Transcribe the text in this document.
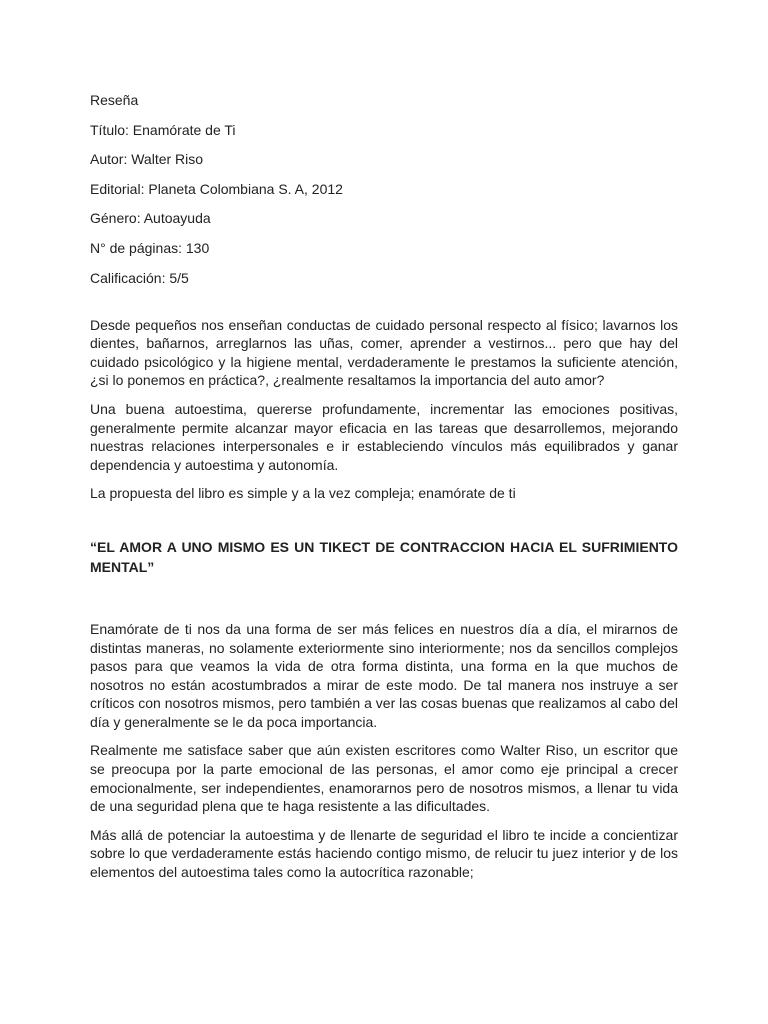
Reseña
Título: Enamórate de Ti
Autor: Walter Riso
Editorial: Planeta Colombiana S. A, 2012
Género: Autoayuda
N° de páginas: 130
Calificación: 5/5

Desde pequeños nos enseñan conductas de cuidado personal respecto al físico; lavarnos los dientes, bañarnos, arreglarnos las uñas, comer, aprender a vestirnos... pero que hay del cuidado psicológico y la higiene mental, verdaderamente le prestamos la suficiente atención, ¿si lo ponemos en práctica?, ¿realmente resaltamos la importancia del auto amor?

Una buena autoestima, quererse profundamente, incrementar las emociones positivas, generalmente permite alcanzar mayor eficacia en las tareas que desarrollemos, mejorando nuestras relaciones interpersonales e ir estableciendo vínculos más equilibrados y ganar dependencia y autoestima y autonomía.

La propuesta del libro es simple y a la vez compleja; enamórate de ti

“EL AMOR A UNO MISMO ES UN TIKECT DE CONTRACCION HACIA EL SUFRIMIENTO MENTAL”

Enamórate de ti nos da una forma de ser más felices en nuestros día a día, el mirarnos de distintas maneras, no solamente exteriormente sino interiormente; nos da sencillos complejos pasos para que veamos la vida de otra forma distinta, una forma en la que muchos de nosotros no están acostumbrados a mirar de este modo. De tal manera nos instruye a ser críticos con nosotros mismos, pero también a ver las cosas buenas que realizamos al cabo del día y generalmente se le da poca importancia.

Realmente me satisface saber que aún existen escritores como Walter Riso, un escritor que se preocupa por la parte emocional de las personas, el amor como eje principal a crecer emocionalmente, ser independientes, enamorarnos pero de nosotros mismos, a llenar tu vida de una seguridad plena que te haga resistente a las dificultades.

Más allá de potenciar la autoestima y de llenarte de seguridad el libro te incide a concientizar sobre lo que verdaderamente estás haciendo contigo mismo, de relucir tu juez interior y de los elementos del autoestima tales como la autocrítica razonable;
